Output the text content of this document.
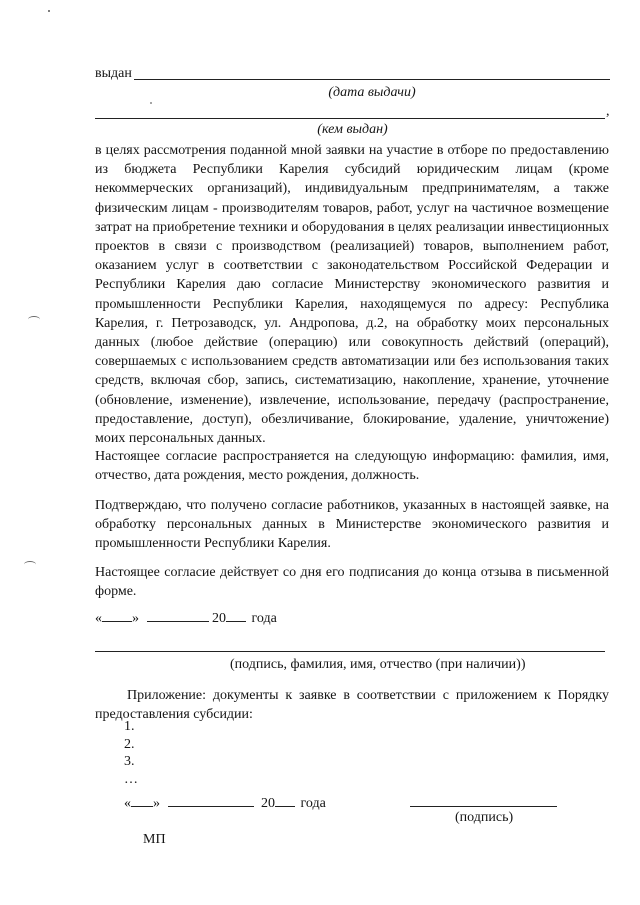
выдан
(дата выдачи)
,
(кем выдан)
в целях рассмотрения поданной мной заявки на участие в отборе по предоставлению из бюджета Республики Карелия субсидий юридическим лицам (кроме некоммерческих организаций), индивидуальным предпринимателям, а также физическим лицам - производителям товаров, работ, услуг на частичное возмещение затрат на приобретение техники и оборудования в целях реализации инвестиционных проектов в связи с производством (реализацией) товаров, выполнением работ, оказанием услуг в соответствии с законодательством Российской Федерации и Республики Карелия даю согласие Министерству экономического развития и промышленности Республики Карелия, находящемуся по адресу: Республика Карелия, г. Петрозаводск, ул. Андропова, д.2, на обработку моих персональных данных (любое действие (операцию) или совокупность действий (операций), совершаемых с использованием средств автоматизации или без использования таких средств, включая сбор, запись, систематизацию, накопление, хранение, уточнение (обновление, изменение), извлечение, использование, передачу (распространение, предоставление, доступ), обезличивание, блокирование, удаление, уничтожение) моих персональных данных.
Настоящее согласие распространяется на следующую информацию: фамилия, имя, отчество, дата рождения, место рождения, должность.
Подтверждаю, что получено согласие работников, указанных в настоящей заявке, на обработку персональных данных в Министерстве экономического развития и промышленности Республики Карелия.
Настоящее согласие действует со дня его подписания до конца отзыва в письменной форме.
« »	20 года
(подпись, фамилия, имя, отчество (при наличии))
Приложение: документы к заявке в соответствии с приложением к Порядку предоставления субсидии:
1.
2.
3.
…
« »	20 года
(подпись)
МП
